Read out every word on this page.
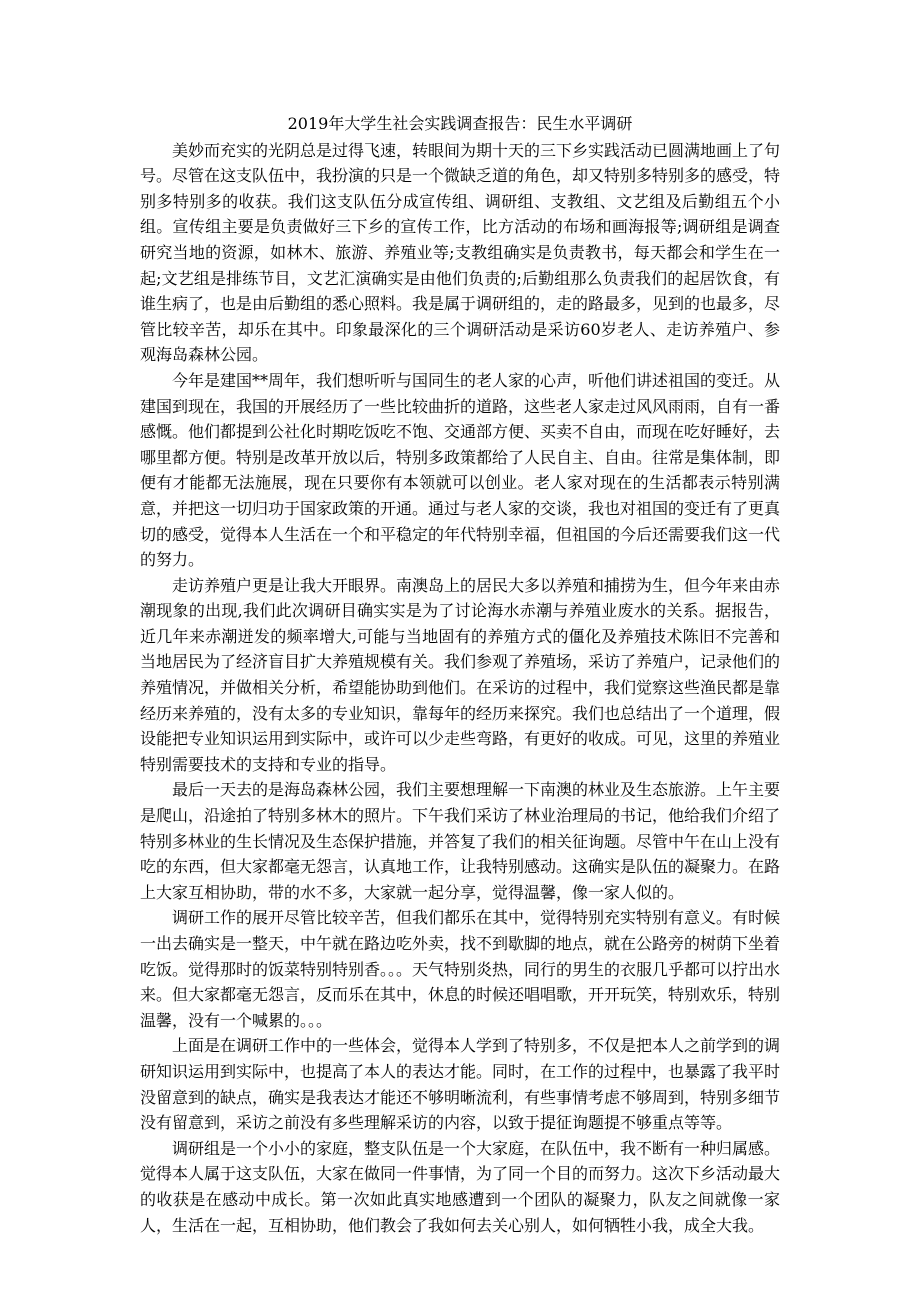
2019年大学生社会实践调查报告：民生水平调研

美妙而充实的光阴总是过得飞速，转眼间为期十天的三下乡实践活动已圆满地画上了句号。尽管在这支队伍中，我扮演的只是一个微缺乏道的角色，却又特别多特别多的感受，特别多特别多的收获。我们这支队伍分成宣传组、调研组、支教组、文艺组及后勤组五个小组。宣传组主要是负责做好三下乡的宣传工作，比方活动的布场和画海报等;调研组是调查研究当地的资源，如林木、旅游、养殖业等;支教组确实是负责教书，每天都会和学生在一起;文艺组是排练节目，文艺汇演确实是由他们负责的;后勤组那么负责我们的起居饮食，有谁生病了，也是由后勤组的悉心照料。我是属于调研组的，走的路最多，见到的也最多，尽管比较辛苦，却乐在其中。印象最深化的三个调研活动是采访60岁老人、走访养殖户、参观海岛森林公园。

今年是建国**周年，我们想听听与国同生的老人家的心声，听他们讲述祖国的变迁。从建国到现在，我国的开展经历了一些比较曲折的道路，这些老人家走过风风雨雨，自有一番感慨。他们都提到公社化时期吃饭吃不饱、交通部方便、买卖不自由，而现在吃好睡好，去哪里都方便。特别是改革开放以后，特别多政策都给了人民自主、自由。往常是集体制，即便有才能都无法施展，现在只要你有本领就可以创业。老人家对现在的生活都表示特别满意，并把这一切归功于国家政策的开通。通过与老人家的交谈，我也对祖国的变迁有了更真切的感受，觉得本人生活在一个和平稳定的年代特别幸福，但祖国的今后还需要我们这一代的努力。

走访养殖户更是让我大开眼界。南澳岛上的居民大多以养殖和捕捞为生，但今年来由赤潮现象的出现,我们此次调研目确实实是为了讨论海水赤潮与养殖业废水的关系。据报告，近几年来赤潮迸发的频率增大,可能与当地固有的养殖方式的僵化及养殖技术陈旧不完善和当地居民为了经济盲目扩大养殖规模有关。我们参观了养殖场，采访了养殖户，记录他们的养殖情况，并做相关分析，希望能协助到他们。在采访的过程中，我们觉察这些渔民都是靠经历来养殖的，没有太多的专业知识，靠每年的经历来探究。我们也总结出了一个道理，假设能把专业知识运用到实际中，或许可以少走些弯路，有更好的收成。可见，这里的养殖业特别需要技术的支持和专业的指导。

最后一天去的是海岛森林公园，我们主要想理解一下南澳的林业及生态旅游。上午主要是爬山，沿途拍了特别多林木的照片。下午我们采访了林业治理局的书记，他给我们介绍了特别多林业的生长情况及生态保护措施，并答复了我们的相关征询题。尽管中午在山上没有吃的东西，但大家都毫无怨言，认真地工作，让我特别感动。这确实是队伍的凝聚力。在路上大家互相协助，带的水不多，大家就一起分享，觉得温馨，像一家人似的。

调研工作的展开尽管比较辛苦，但我们都乐在其中，觉得特别充实特别有意义。有时候一出去确实是一整天，中午就在路边吃外卖，找不到歇脚的地点，就在公路旁的树荫下坐着吃饭。觉得那时的饭菜特别特别香。。。天气特别炎热，同行的男生的衣服几乎都可以拧出水来。但大家都毫无怨言，反而乐在其中，休息的时候还唱唱歌，开开玩笑，特别欢乐，特别温馨，没有一个喊累的。。。

上面是在调研工作中的一些体会，觉得本人学到了特别多，不仅是把本人之前学到的调研知识运用到实际中，也提高了本人的表达才能。同时，在工作的过程中，也暴露了我平时没留意到的缺点，确实是我表达才能还不够明晰流利，有些事情考虑不够周到，特别多细节没有留意到，采访之前没有多些理解采访的内容，以致于提征询题提不够重点等等。

调研组是一个小小的家庭，整支队伍是一个大家庭，在队伍中，我不断有一种归属感。觉得本人属于这支队伍，大家在做同一件事情，为了同一个目的而努力。这次下乡活动最大的收获是在感动中成长。第一次如此真实地感遭到一个团队的凝聚力，队友之间就像一家人，生活在一起，互相协助，他们教会了我如何去关心别人，如何牺牲小我，成全大我。
